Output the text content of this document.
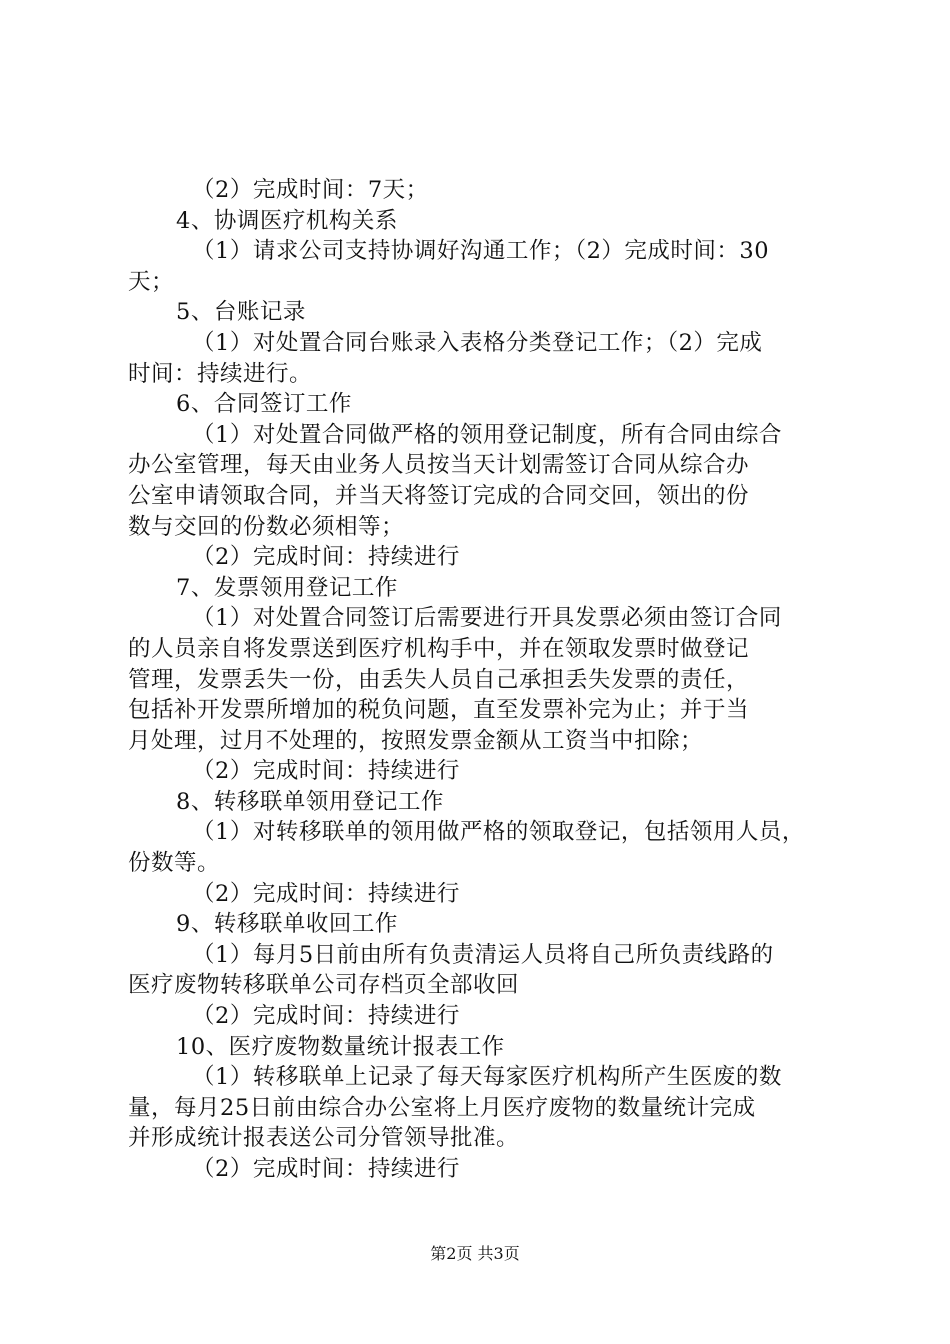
（2）完成时间：7天；
4、协调医疗机构关系
（1）请求公司支持协调好沟通工作；（2）完成时间：30
天；
5、台账记录
（1）对处置合同台账录入表格分类登记工作；（2）完成
时间：持续进行。
6、合同签订工作
（1）对处置合同做严格的领用登记制度，所有合同由综合
办公室管理，每天由业务人员按当天计划需签订合同从综合办
公室申请领取合同，并当天将签订完成的合同交回，领出的份
数与交回的份数必须相等；
（2）完成时间：持续进行
7、发票领用登记工作
（1）对处置合同签订后需要进行开具发票必须由签订合同
的人员亲自将发票送到医疗机构手中，并在领取发票时做登记
管理，发票丢失一份，由丢失人员自己承担丢失发票的责任，
包括补开发票所增加的税负问题，直至发票补完为止；并于当
月处理，过月不处理的，按照发票金额从工资当中扣除；
（2）完成时间：持续进行
8、转移联单领用登记工作
（1）对转移联单的领用做严格的领取登记，包括领用人员，
份数等。
（2）完成时间：持续进行
9、转移联单收回工作
（1）每月5日前由所有负责清运人员将自己所负责线路的
医疗废物转移联单公司存档页全部收回
（2）完成时间：持续进行
10、医疗废物数量统计报表工作
（1）转移联单上记录了每天每家医疗机构所产生医废的数
量，每月25日前由综合办公室将上月医疗废物的数量统计完成
并形成统计报表送公司分管领导批准。
（2）完成时间：持续进行
第2页 共3页
